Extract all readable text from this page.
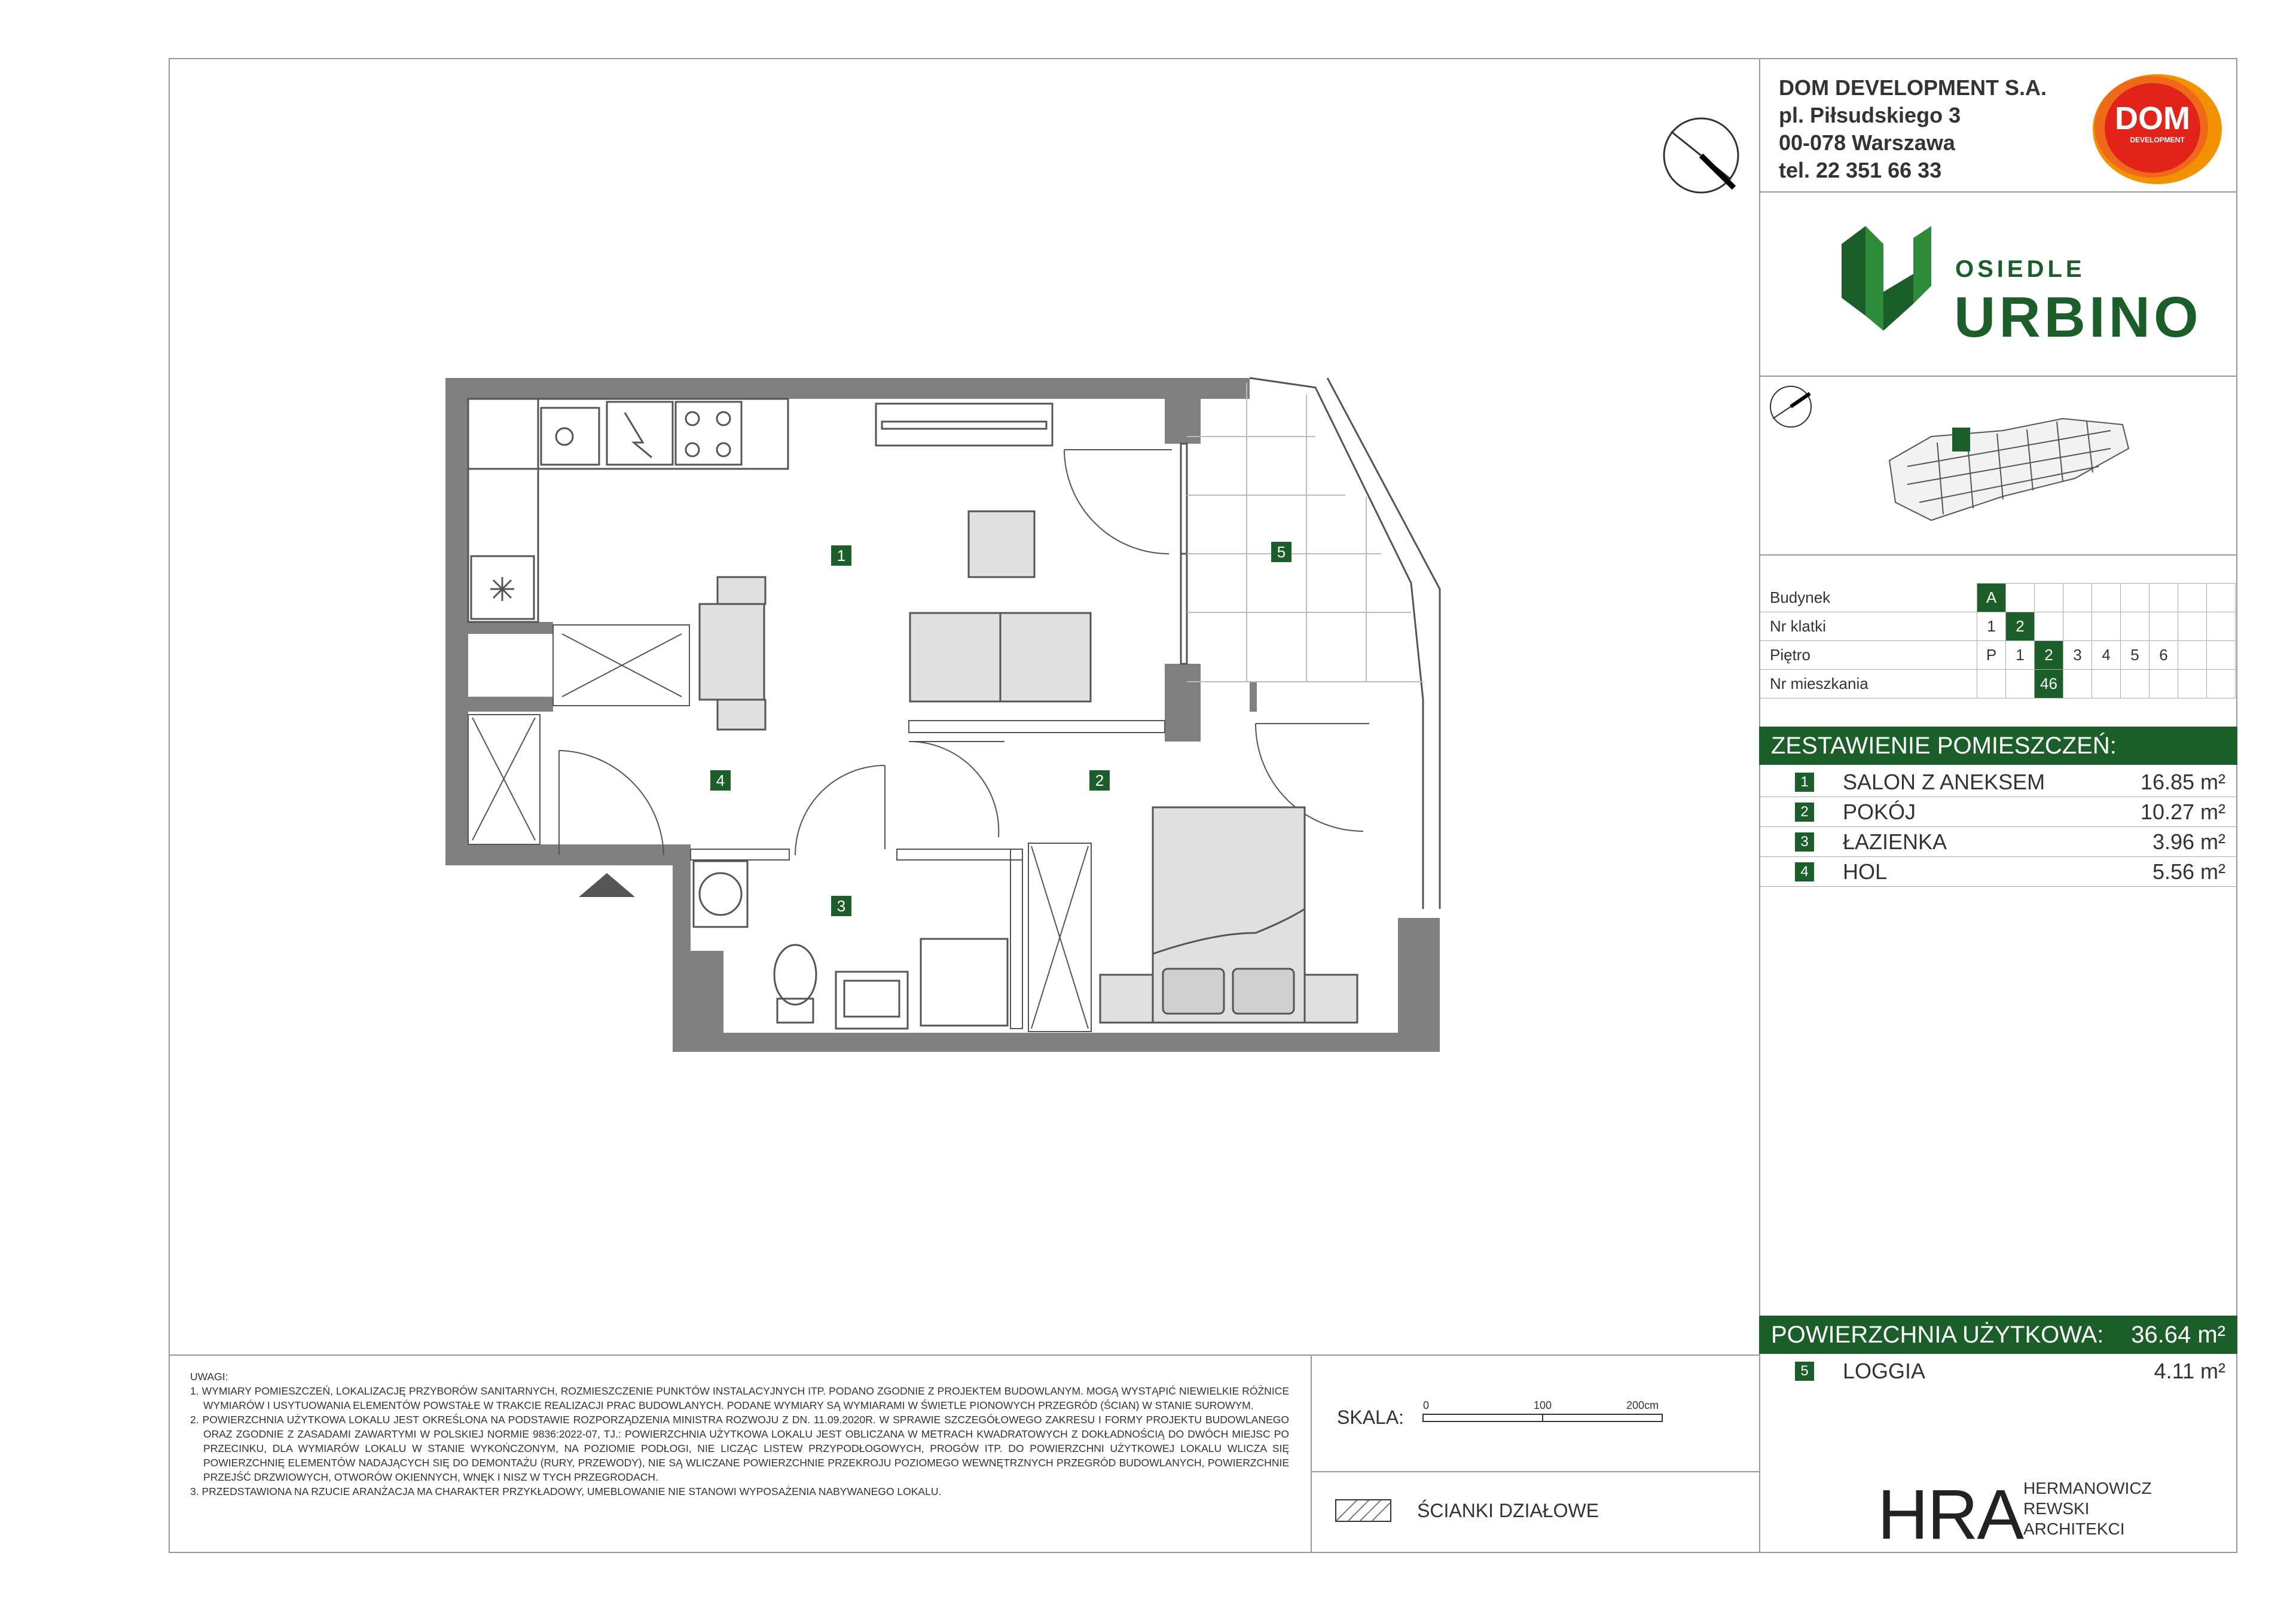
DOM DEVELOPMENT S.A.
pl. Piłsudskiego 3
00-078 Warszawa
tel. 22 351 66 33
DOM
DEVELOPMENT
OSIEDLE
URBINO
Budynek	A								
Nr klatki	1	2							
Piętro	P	1	2	3	4	5	6		
Nr mieszkania			46						
ZESTAWIENIE POMIESZCZEŃ:
1 SALON Z ANEKSEM	16.85 m²
2 POKÓJ	10.27 m²
3 ŁAZIENKA	3.96 m²
4 HOL	5.56 m²
POWIERZCHNIA UŻYTKOWA: 36.64 m²
5 LOGGIA	4.11 m²
UWAGI:
1. WYMIARY POMIESZCZEŃ, LOKALIZACJĘ PRZYBORÓW SANITARNYCH, ROZMIESZCZENIE PUNKTÓW INSTALACYJNYCH ITP. PODANO ZGODNIE Z PROJEKTEM BUDOWLANYM. MOGĄ WYSTĄPIĆ NIEWIELKIE RÓŻNICE WYMIARÓW I USYTUOWANIA ELEMENTÓW POWSTAŁE W TRAKCIE REALIZACJI PRAC BUDOWLANYCH. PODANE WYMIARY SĄ WYMIARAMI W ŚWIETLE PIONOWYCH PRZEGRÓD (ŚCIAN) W STANIE SUROWYM.
2. POWIERZCHNIA UŻYTKOWA LOKALU JEST OKREŚLONA NA PODSTAWIE ROZPORZĄDZENIA MINISTRA ROZWOJU Z DN. 11.09.2020R. W SPRAWIE SZCZEGÓŁOWEGO ZAKRESU I FORMY PROJEKTU BUDOWLANEGO ORAZ ZGODNIE Z ZASADAMI ZAWARTYMI W POLSKIEJ NORMIE 9836:2022-07, TJ.: POWIERZCHNIA UŻYTKOWA LOKALU JEST OBLICZANA W METRACH KWADRATOWYCH Z DOKŁADNOŚCIĄ DO DWÓCH MIEJSC PO PRZECINKU, DLA WYMIARÓW LOKALU W STANIE WYKOŃCZONYM, NA POZIOMIE PODŁOGI, NIE LICZĄC LISTEW PRZYPODŁOGOWYCH, PROGÓW ITP. DO POWIERZCHNI UŻYTKOWEJ LOKALU WLICZA SIĘ POWIERZCHNIĘ ELEMENTÓW NADAJĄCYCH SIĘ DO DEMONTAŻU (RURY, PRZEWODY), NIE SĄ WLICZANE POWIERZCHNIE PRZEKROJU POZIOMEGO WEWNĘTRZNYCH PRZEGRÓD BUDOWLANYCH, POWIERZCHNIE PRZEJŚĆ DRZWIOWYCH, OTWORÓW OKIENNYCH, WNĘK I NISZ W TYCH PRZEGRODACH.
3. PRZEDSTAWIONA NA RZUCIE ARANŻACJA MA CHARAKTER PRZYKŁADOWY, UMEBLOWANIE NIE STANOWI WYPOSAŻENIA NABYWANEGO LOKALU.
SKALA:
0	100	200cm
ŚCIANKI DZIAŁOWE	HRA HERMANOWICZ
REWSKI
ARCHITEKCI
1
2
3
4
5
